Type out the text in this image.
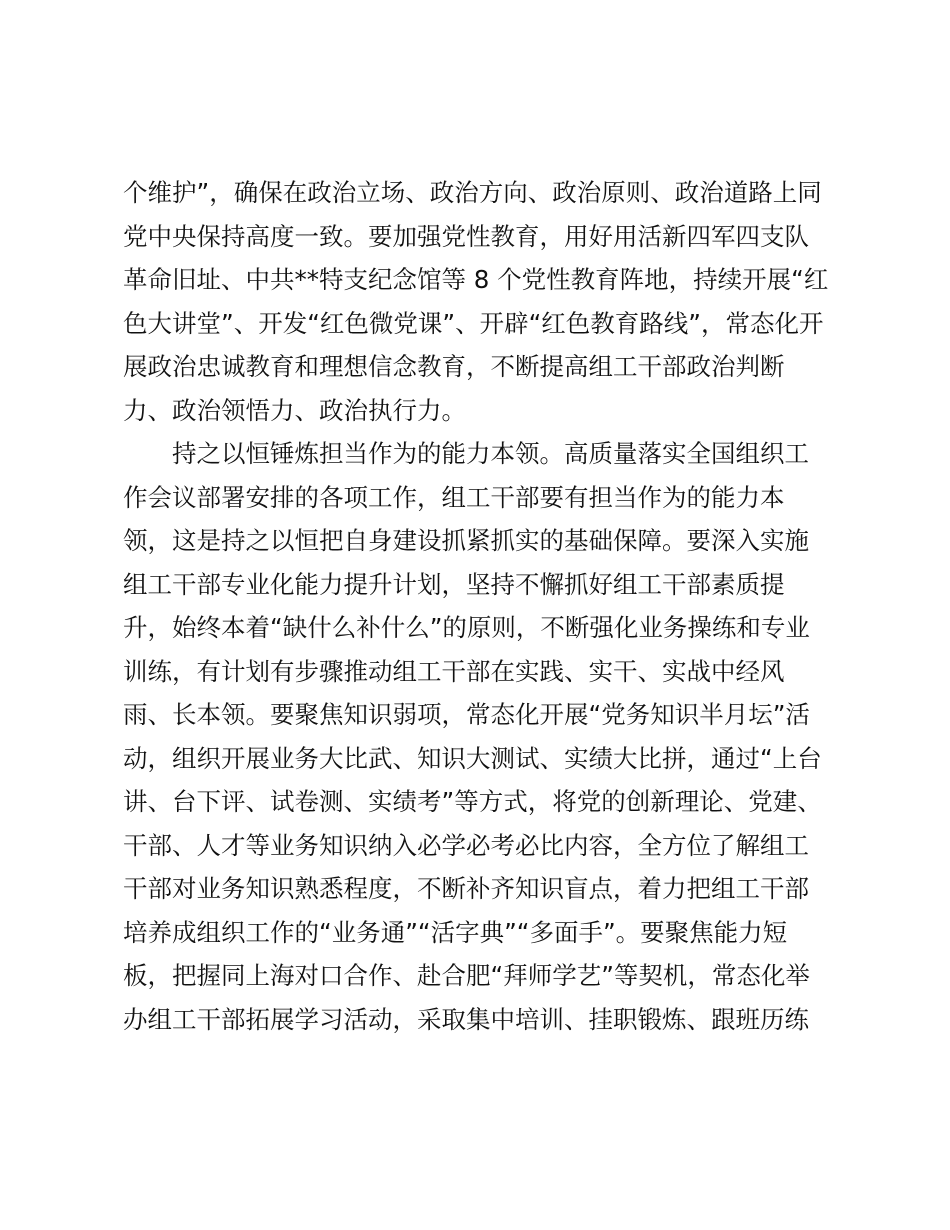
个维护”，确保在政治立场、政治方向、政治原则、政治道路上同
党中央保持高度一致。要加强党性教育，用好用活新四军四支队
革命旧址、中共**特支纪念馆等 8 个党性教育阵地，持续开展“红
色大讲堂”、开发“红色微党课”、开辟“红色教育路线”，常态化开
展政治忠诚教育和理想信念教育，不断提高组工干部政治判断
力、政治领悟力、政治执行力。
持之以恒锤炼担当作为的能力本领。高质量落实全国组织工
作会议部署安排的各项工作，组工干部要有担当作为的能力本
领，这是持之以恒把自身建设抓紧抓实的基础保障。要深入实施
组工干部专业化能力提升计划，坚持不懈抓好组工干部素质提
升，始终本着“缺什么补什么”的原则，不断强化业务操练和专业
训练，有计划有步骤推动组工干部在实践、实干、实战中经风
雨、长本领。要聚焦知识弱项，常态化开展“党务知识半月坛”活
动，组织开展业务大比武、知识大测试、实绩大比拼，通过“上台
讲、台下评、试卷测、实绩考”等方式，将党的创新理论、党建、
干部、人才等业务知识纳入必学必考必比内容，全方位了解组工
干部对业务知识熟悉程度，不断补齐知识盲点，着力把组工干部
培养成组织工作的“业务通”“活字典”“多面手”。要聚焦能力短
板，把握同上海对口合作、赴合肥“拜师学艺”等契机，常态化举
办组工干部拓展学习活动，采取集中培训、挂职锻炼、跟班历练
